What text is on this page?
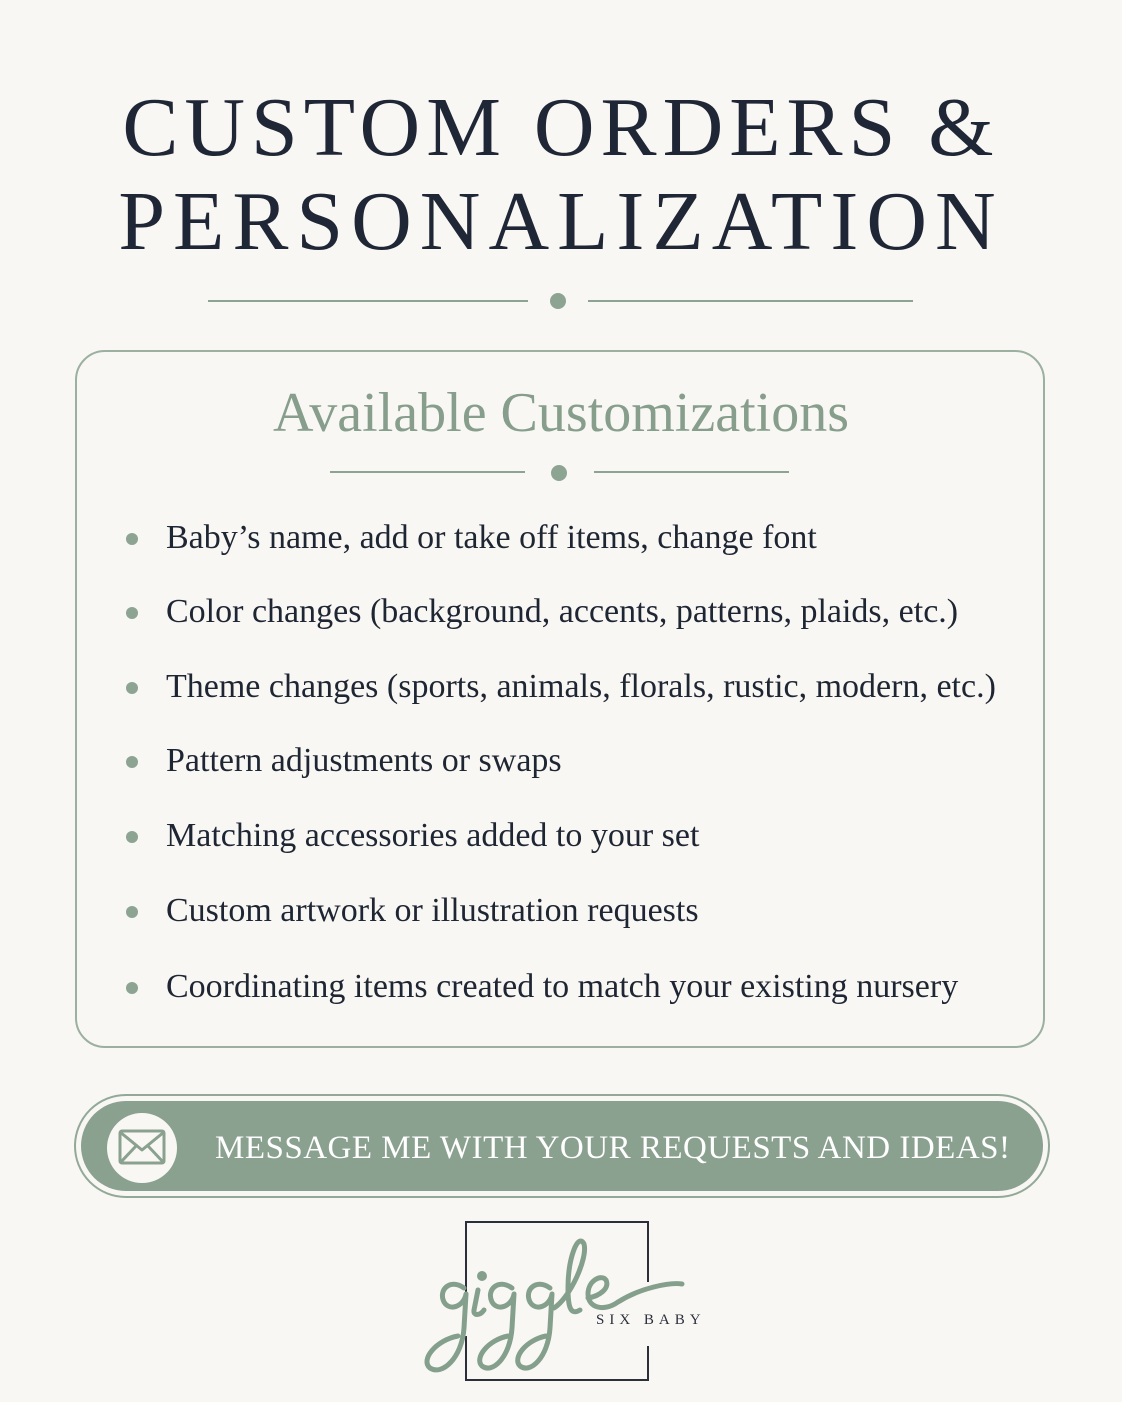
CUSTOM ORDERS &
PERSONALIZATION
Available Customizations
Baby’s name, add or take off items, change font
Color changes (background, accents, patterns, plaids, etc.)
Theme changes (sports, animals, florals, rustic, modern, etc.)
Pattern adjustments or swaps
Matching accessories added to your set
Custom artwork or illustration requests
Coordinating items created to match your existing nursery
MESSAGE ME WITH YOUR REQUESTS AND IDEAS!
SIX BABY
